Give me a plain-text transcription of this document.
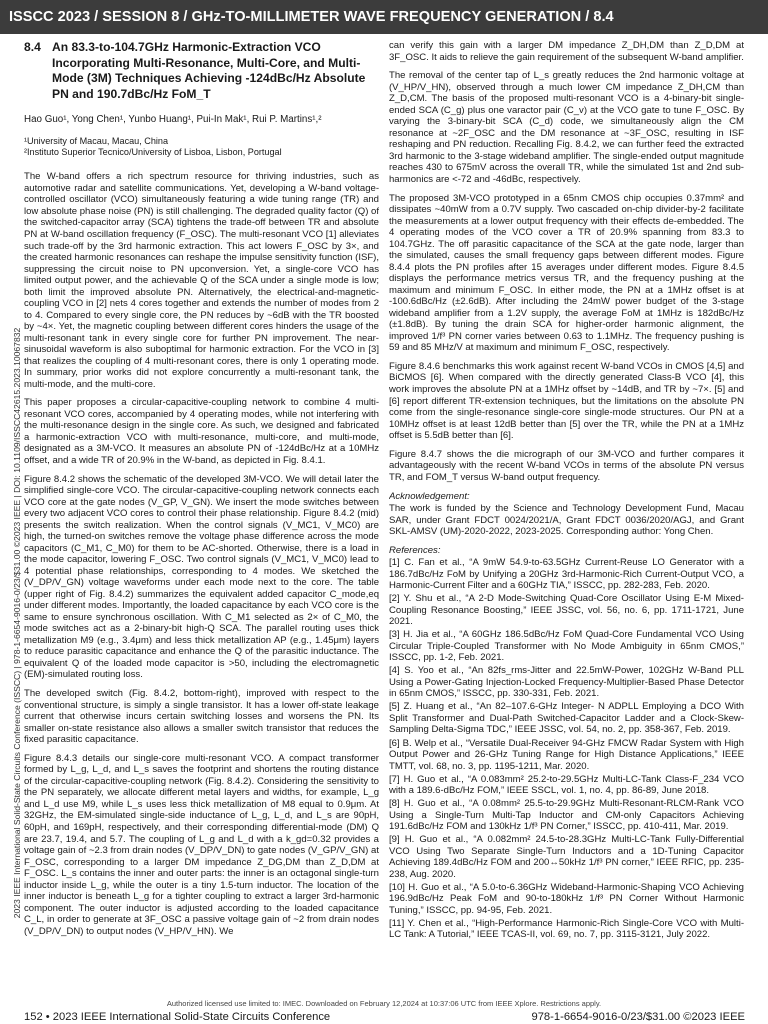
ISSCC 2023 / SESSION 8 / GHz-TO-MILLIMETER WAVE FREQUENCY GENERATION / 8.4
2023 IEEE International Solid-State Circuits Conference (ISSCC) | 978-1-6654-9016-0/23/$31.00 ©2023 IEEE | DOI: 10.1109/ISSCC42615.2023.10067832
8.4 An 83.3-to-104.7GHz Harmonic-Extraction VCO Incorporating Multi-Resonance, Multi-Core, and Multi-Mode (3M) Techniques Achieving -124dBc/Hz Absolute PN and 190.7dBc/Hz FoM_T
Hao Guo¹, Yong Chen¹, Yunbo Huang¹, Pui-In Mak¹, Rui P. Martins¹,²
¹University of Macau, Macau, China
²Instituto Superior Tecnico/University of Lisboa, Lisbon, Portugal

The W-band offers a rich spectrum resource for thriving industries, such as automotive radar and satellite communications. Yet, developing a W-band voltage-controlled oscillator (VCO) simultaneously featuring a wide tuning range (TR) and low absolute phase noise (PN) is still challenging. The degraded quality factor (Q) of the switched-capacitor array (SCA) tightens the trade-off between TR and absolute PN at W-band oscillation frequency (F_OSC). The multi-resonant VCO [1] alleviates such trade-off by the 3rd harmonic extraction. This act lowers F_OSC by 3×, and the created harmonic resonances can reshape the impulse sensitivity function (ISF), suppressing the circuit noise to PN upconversion. Yet, a single-core VCO has limited output power, and the achievable Q of the SCA under a single mode is low; both limit the improved absolute PN. Alternatively, the electrical-and-magnetic-coupling VCO in [2] nets 4 cores together and extends the number of modes from 2 to 4. Compared to every single core, the PN reduces by ~6dB with the TR boosted by ~4×. Yet, the magnetic coupling between different cores hinders the usage of the multi-resonant tank in every single core for further PN improvement. The near-sinusoidal waveform is also suboptimal for harmonic extraction. For the VCO in [3] that realizes the coupling of 4 multi-resonant cores, there is only 1 operating mode. In summary, prior works did not explore concurrently a multi-resonant tank, the multi-mode, and the multi-core.

This paper proposes a circular-capacitive-coupling network to combine 4 multi-resonant VCO cores, accompanied by 4 operating modes, while not interfering with the multi-resonance design in the single core. As such, we designed and fabricated a harmonic-extraction VCO with multi-resonance, multi-core, and multi-mode, designated as a 3M-VCO. It measures an absolute PN of -124dBc/Hz at a 10MHz offset, and a wide TR of 20.9% in the W-band, as depicted in Fig. 8.4.1.

Figure 8.4.2 shows the schematic of the developed 3M-VCO. We will detail later the simplified single-core VCO. The circular-capacitive-coupling network connects each VCO core at the gate nodes (V_GP, V_GN). We insert the mode switches between every two adjacent VCO cores to control their phase relationship. Figure 8.4.2 (mid) presents the switch realization. When the control signals (V_MC1, V_MC0) are high, the turned-on switches remove the voltage phase difference across the mode capacitors (C_M1, C_M0) for them to be AC-shorted. Otherwise, there is a load in the mode capacitor, lowering F_OSC. Two control signals (V_MC1, V_MC0) lead to 4 potential phase relationships, corresponding to 4 modes. We sketched the (V_DP/V_GN) voltage waveforms under each mode next to the core. The table (upper right of Fig. 8.4.2) summarizes the equivalent added capacitor C_mode,eq under different modes. Importantly, the loaded capacitance by each VCO core is the same to ensure synchronous oscillation. With C_M1 selected as 2× of C_M0, the mode switches act as a 2-binary-bit high-Q SCA. The parallel routing uses thick metallization M9 (e.g., 3.4μm) and less thick metallization AP (e.g., 1.45μm) layers to reduce parasitic capacitance and enhance the Q of the parasitic inductance. The equivalent Q of the loaded mode capacitor is >50, including the electromagnetic (EM)-simulated routing loss.

The developed switch (Fig. 8.4.2, bottom-right), improved with respect to the conventional structure, is simply a single transistor. It has a lower off-state leakage current that otherwise incurs certain switching losses and worsens the PN. Its smaller on-state resistance also allows a smaller switch transistor that reduces the fixed parasitic capacitance.

Figure 8.4.3 details our single-core multi-resonant VCO. A compact transformer formed by L_g, L_d, and L_s saves the footprint and shortens the routing distance of the circular-capacitive-coupling network (Fig. 8.4.2). Considering the sensitivity to the PN separately, we allocate different metal layers and widths, for example, L_g and L_d use M9, while L_s uses less thick metallization of M8 equal to 0.9μm. At 32GHz, the EM-simulated single-side inductance of L_g, L_d, and L_s are 90pH, 60pH, and 169pH, respectively, and their corresponding differential-mode (DM) Q are 23.7, 19.4, and 5.7. The coupling of L_g and L_d with a k_gd=0.32 provides a voltage gain of ~2.3 from drain nodes (V_DP/V_DN) to gate nodes (V_GP/V_GN) at F_OSC, corresponding to a larger DM impedance Z_DG,DM than Z_D,DM at F_OSC. L_s contains the inner and outer parts: the inner is an octagonal single-turn inductor inside L_g, while the outer is a tiny 1.5-turn inductor. The location of the inner inductor is beneath L_g for a tighter coupling to extract a larger 3rd-harmonic component. The outer inductor is adjusted according to the loaded capacitance C_L, in order to generate at 3F_OSC a passive voltage gain of ~2 from drain nodes (V_DP/V_DN) to output nodes (V_HP/V_HN). We

can verify this gain with a larger DM impedance Z_DH,DM than Z_D,DM at 3F_OSC. It aids to relieve the gain requirement of the subsequent W-band amplifier.

The removal of the center tap of L_s greatly reduces the 2nd harmonic voltage at (V_HP/V_HN), observed through a much lower CM impedance Z_DH,CM than Z_D,CM. The basis of the proposed multi-resonant VCO is a 4-binary-bit single-ended SCA (C_g) plus one varactor pair (C_v) at the VCO gate to tune F_OSC. By varying the 3-binary-bit SCA (C_d) code, we simultaneously align the CM resonance at ~2F_OSC and the DM resonance at ~3F_OSC, resulting in ISF reshaping and PN reduction. Recalling Fig. 8.4.2, we can further feed the extracted 3rd harmonic to the 3-stage wideband amplifier. The single-ended output magnitude reaches 430 to 675mV across the overall TR, while the simulated 1st and 2nd sub-harmonics are <-72 and -46dBc, respectively.

The proposed 3M-VCO prototyped in a 65nm CMOS chip occupies 0.37mm² and dissipates ~40mW from a 0.7V supply. Two cascaded on-chip divider-by-2 facilitate the measurements at a lower output frequency with their effects de-embedded. The 4 operating modes of the VCO cover a TR of 20.9% spanning from 83.3 to 104.7GHz. The off parasitic capacitance of the SCA at the gate node, larger than the simulated, causes the small frequency gaps between different modes. Figure 8.4.4 plots the PN profiles after 15 averages under different modes. Figure 8.4.5 displays the performance metrics versus TR, and the frequency pushing at the maximum and minimum F_OSC. In either mode, the PN at a 1MHz offset is at -100.6dBc/Hz (±2.6dB). After including the 24mW power budget of the 3-stage wideband amplifier from a 1.2V supply, the average FoM at 1MHz is 182dBc/Hz (±1.8dB). By tuning the drain SCA for higher-order harmonic alignment, the improved 1/f³ PN corner varies between 0.63 to 1.1MHz. The frequency pushing is 59 and 85 MHz/V at maximum and minimum F_OSC, respectively.

Figure 8.4.6 benchmarks this work against recent W-band VCOs in CMOS [4,5] and BiCMOS [6]. When compared with the directly generated Class-B VCO [4], this work improves the absolute PN at a 1MHz offset by ~14dB, and TR by ~7×. [5] and [6] report different TR-extension techniques, but the limitations on the absolute PN come from the single-resonance single-core single-mode structures. Our PN at a 10MHz offset is at least 12dB better than [5] over the TR, while the PN at a 1MHz offset is 5.5dB better than [6].

Figure 8.4.7 shows the die micrograph of our 3M-VCO and further compares it advantageously with the recent W-band VCOs in terms of the absolute PN versus TR, and FOM_T versus W-band output frequency.

Acknowledgement:

The work is funded by the Science and Technology Development Fund, Macau SAR, under Grant FDCT 0024/2021/A, Grant FDCT 0036/2020/AGJ, and Grant SKL-AMSV (UM)-2020-2022, 2023-2025. Corresponding author: Yong Chen.

References:

[1] C. Fan et al., “A 9mW 54.9-to-63.5GHz Current-Reuse LO Generator with a 186.7dBc/Hz FoM by Unifying a 20GHz 3rd-Harmonic-Rich Current-Output VCO, a Harmonic-Current Filter and a 60GHz TIA,” ISSCC, pp. 282-283, Feb. 2020.

[2] Y. Shu et al., “A 2-D Mode-Switching Quad-Core Oscillator Using E-M Mixed-Coupling Resonance Boosting,” IEEE JSSC, vol. 56, no. 6, pp. 1711-1721, June 2021.

[3] H. Jia et al., “A 60GHz 186.5dBc/Hz FoM Quad-Core Fundamental VCO Using Circular Triple-Coupled Transformer with No Mode Ambiguity in 65nm CMOS,” ISSCC, pp. 1-2, Feb. 2021.

[4] S. Yoo et al., “An 82fs_rms-Jitter and 22.5mW-Power, 102GHz W-Band PLL Using a Power-Gating Injection-Locked Frequency-Multiplier-Based Phase Detector in 65nm CMOS,” ISSCC, pp. 330-331, Feb. 2021.

[5] Z. Huang et al., “An 82–107.6-GHz Integer- N ADPLL Employing a DCO With Split Transformer and Dual-Path Switched-Capacitor Ladder and a Clock-Skew-Sampling Delta-Sigma TDC,” IEEE JSSC, vol. 54, no. 2, pp. 358-367, Feb. 2019.

[6] B. Welp et al., “Versatile Dual-Receiver 94-GHz FMCW Radar System with High Output Power and 26-GHz Tuning Range for High Distance Applications,” IEEE TMTT, vol. 68, no. 3, pp. 1195-1211, Mar. 2020.

[7] H. Guo et al., “A 0.083mm² 25.2-to-29.5GHz Multi-LC-Tank Class-F_234 VCO with a 189.6-dBc/Hz FOM,” IEEE SSCL, vol. 1, no. 4, pp. 86-89, June 2018.

[8] H. Guo et al., “A 0.08mm² 25.5-to-29.9GHz Multi-Resonant-RLCM-Rank VCO Using a Single-Turn Multi-Tap Inductor and CM-only Capacitors Achieving 191.6dBc/Hz FOM and 130kHz 1/f³ PN Corner,” ISSCC, pp. 410-411, Mar. 2019.

[9] H. Guo et al., “A 0.082mm² 24.5-to-28.3GHz Multi-LC-Tank Fully-Differential VCO Using Two Separate Single-Turn Inductors and a 1D-Tuning Capacitor Achieving 189.4dBc/Hz FOM and 200↔50kHz 1/f³ PN corner,” IEEE RFIC, pp. 235-238, Aug. 2020.

[10] H. Guo et al., “A 5.0-to-6.36GHz Wideband-Harmonic-Shaping VCO Achieving 196.9dBc/Hz Peak FoM and 90-to-180kHz 1/f³ PN Corner Without Harmonic Tuning,” ISSCC, pp. 94-95, Feb. 2021.

[11] Y. Chen et al., “High-Performance Harmonic-Rich Single-Core VCO with Multi-LC Tank: A Tutorial,” IEEE TCAS-II, vol. 69, no. 7, pp. 3115-3121, July 2022.

Authorized licensed use limited to: IMEC. Downloaded on February 12,2024 at 10:37:06 UTC from IEEE Xplore. Restrictions apply.
152 • 2023 IEEE International Solid-State Circuits Conference	978-1-6654-9016-0/23/$31.00 ©2023 IEEE
